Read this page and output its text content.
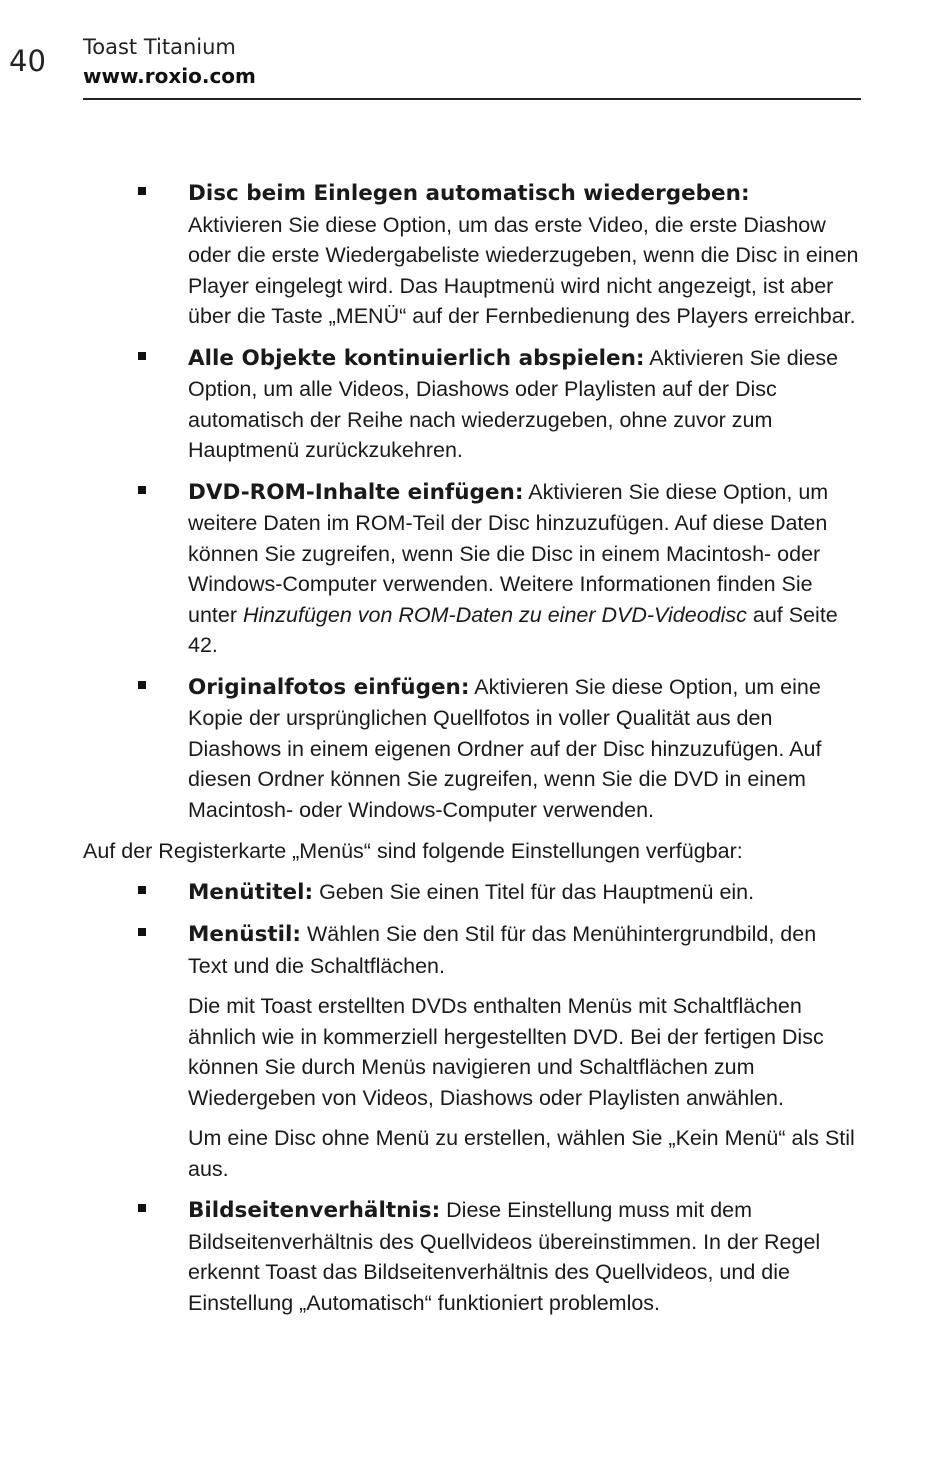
40 Toast Titanium
www.roxio.com
Disc beim Einlegen automatisch wiedergeben:
Aktivieren Sie diese Option, um das erste Video, die erste Diashow oder die erste Wiedergabeliste wiederzugeben, wenn die Disc in einen Player eingelegt wird. Das Hauptmenü wird nicht angezeigt, ist aber über die Taste „MENÜ“ auf der Fernbedienung des Players erreichbar.
Alle Objekte kontinuierlich abspielen: Aktivieren Sie diese Option, um alle Videos, Diashows oder Playlisten auf der Disc automatisch der Reihe nach wiederzugeben, ohne zuvor zum Hauptmenü zurückzukehren.
DVD-ROM-Inhalte einfügen: Aktivieren Sie diese Option, um weitere Daten im ROM-Teil der Disc hinzuzufügen. Auf diese Daten können Sie zugreifen, wenn Sie die Disc in einem Macintosh- oder Windows-Computer verwenden. Weitere Informationen finden Sie unter Hinzufügen von ROM-Daten zu einer DVD-Videodisc auf Seite 42.
Originalfotos einfügen: Aktivieren Sie diese Option, um eine Kopie der ursprünglichen Quellfotos in voller Qualität aus den Diashows in einem eigenen Ordner auf der Disc hinzuzufügen. Auf diesen Ordner können Sie zugreifen, wenn Sie die DVD in einem Macintosh- oder Windows-Computer verwenden.

Auf der Registerkarte „Menüs“ sind folgende Einstellungen verfügbar:

Menütitel: Geben Sie einen Titel für das Hauptmenü ein.
Menüstil: Wählen Sie den Stil für das Menühintergrundbild, den Text und die Schaltflächen.

Die mit Toast erstellten DVDs enthalten Menüs mit Schaltflächen ähnlich wie in kommerziell hergestellten DVD. Bei der fertigen Disc können Sie durch Menüs navigieren und Schaltflächen zum Wiedergeben von Videos, Diashows oder Playlisten anwählen.

Um eine Disc ohne Menü zu erstellen, wählen Sie „Kein Menü“ als Stil aus.

Bildseitenverhältnis: Diese Einstellung muss mit dem Bildseitenverhältnis des Quellvideos übereinstimmen. In der Regel erkennt Toast das Bildseitenverhältnis des Quellvideos, und die Einstellung „Automatisch“ funktioniert problemlos.
